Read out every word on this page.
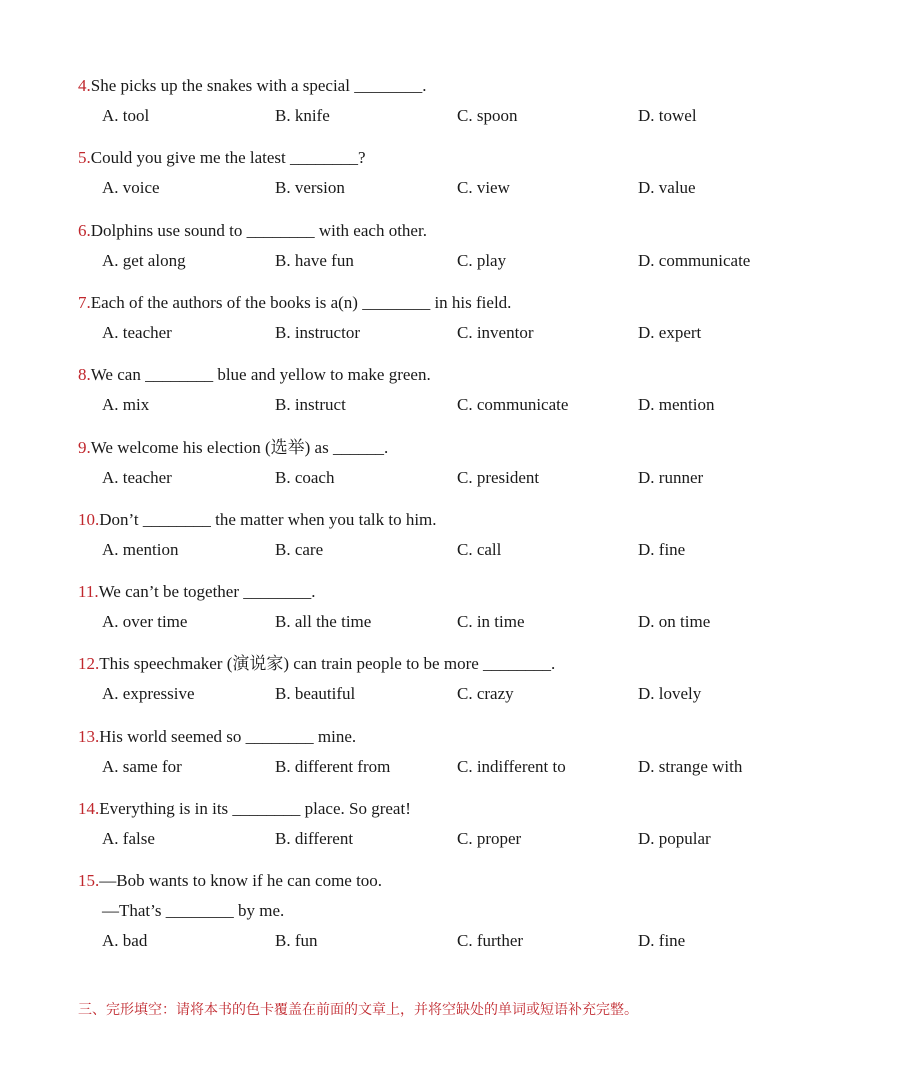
4.She picks up the snakes with a special ________.
A. tool	B. knife	C. spoon	D. towel
5.Could you give me the latest ________?
A. voice	B. version	C. view	D. value
6.Dolphins use sound to ________ with each other.
A. get along	B. have fun	C. play	D. communicate
7.Each of the authors of the books is a(n) ________ in his field.
A. teacher	B. instructor	C. inventor	D. expert
8.We can ________ blue and yellow to make green.
A. mix	B. instruct	C. communicate	D. mention
9.We welcome his election (选举) as ______.
A. teacher	B. coach	C. president	D. runner
10.Don’t ________ the matter when you talk to him.
A. mention	B. care	C. call	D. fine
11.We can’t be together ________.
A. over time	B. all the time	C. in time	D. on time
12.This speechmaker (演说家) can train people to be more ________.
A. expressive	B. beautiful	C. crazy	D. lovely
13.His world seemed so ________ mine.
A. same for	B. different from	C. indifferent to	D. strange with
14.Everything is in its ________ place. So great!
A. false	B. different	C. proper	D. popular
15.—Bob wants to know if he can come too.
—That’s ________ by me.
A. bad	B. fun	C. further	D. fine
三、完形填空：请将本书的色卡覆盖在前面的文章上，并将空缺处的单词或短语补充完整。
